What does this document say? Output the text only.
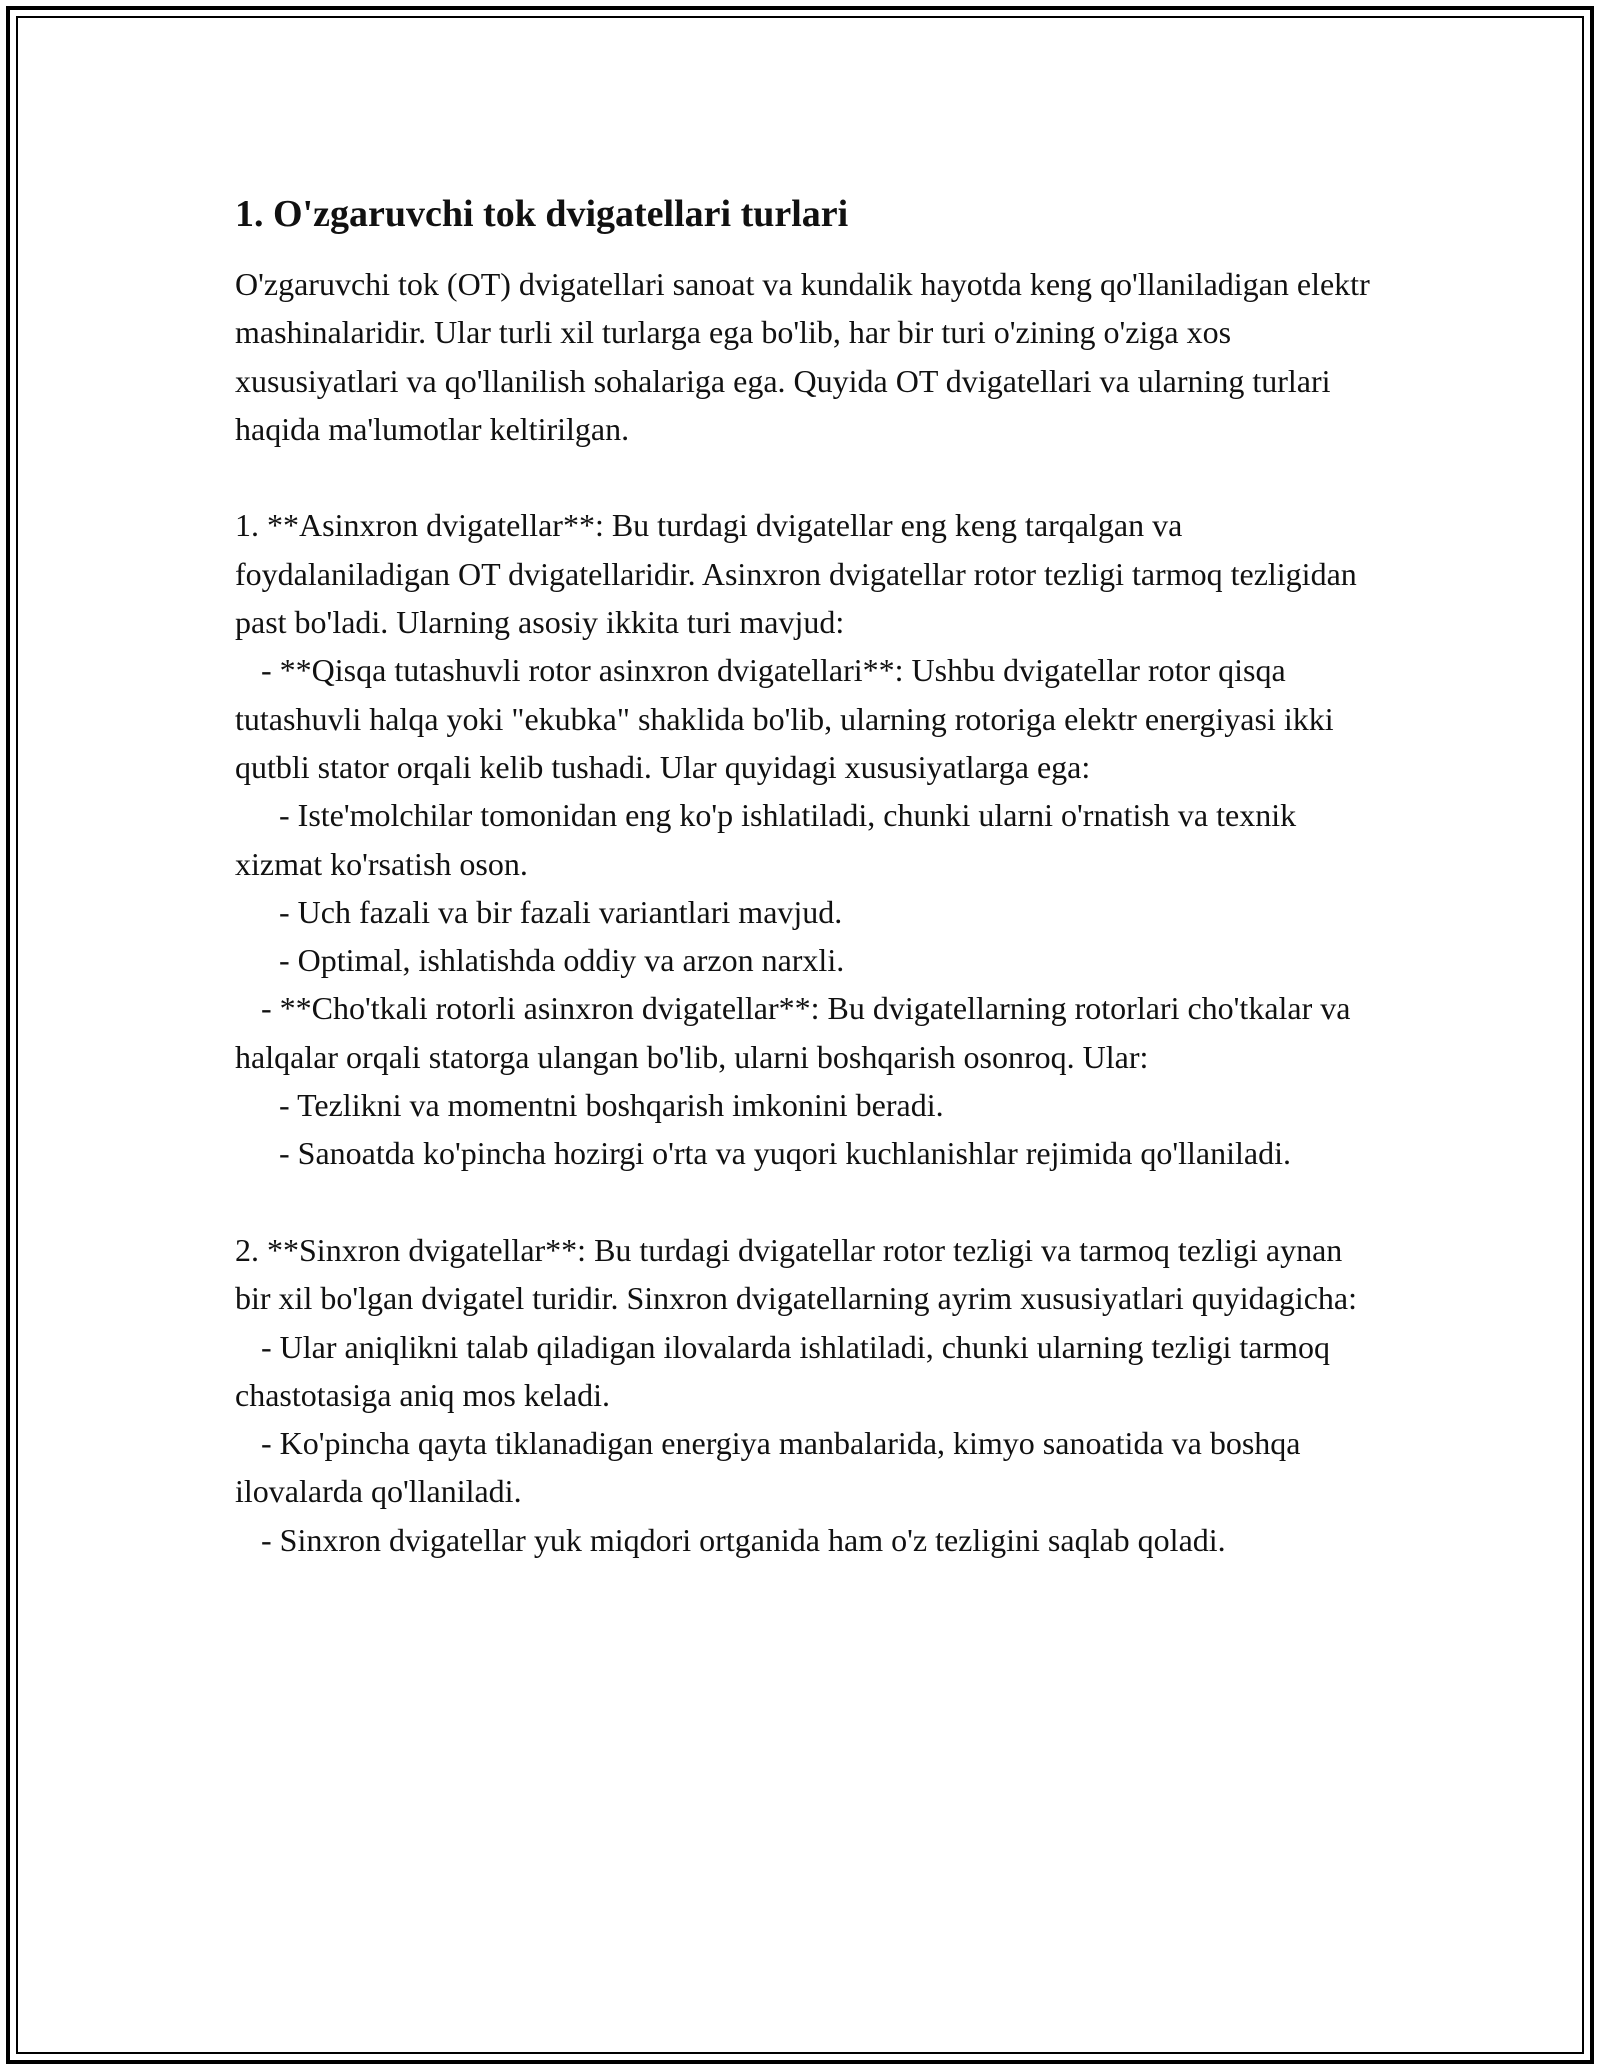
1. O'zgaruvchi tok dvigatellari turlari

O'zgaruvchi tok (OT) dvigatellari sanoat va kundalik hayotda keng qo'llaniladigan elektr mashinalaridir. Ular turli xil turlarga ega bo'lib, har bir turi o'zining o'ziga xos xususiyatlari va qo'llanilish sohalariga ega. Quyida OT dvigatellari va ularning turlari haqida ma'lumotlar keltirilgan.

1. **Asinxron dvigatellar**: Bu turdagi dvigatellar eng keng tarqalgan va foydalaniladigan OT dvigatellaridir. Asinxron dvigatellar rotor tezligi tarmoq tezligidan past bo'ladi. Ularning asosiy ikkita turi mavjud:

- **Qisqa tutashuvli rotor asinxron dvigatellari**: Ushbu dvigatellar rotor qisqa tutashuvli halqa yoki "ekubka" shaklida bo'lib, ularning rotoriga elektr energiyasi ikki qutbli stator orqali kelib tushadi. Ular quyidagi xususiyatlarga ega:

- Iste'molchilar tomonidan eng ko'p ishlatiladi, chunki ularni o'rnatish va texnik xizmat ko'rsatish oson.

- Uch fazali va bir fazali variantlari mavjud.

- Optimal, ishlatishda oddiy va arzon narxli.

- **Cho'tkali rotorli asinxron dvigatellar**: Bu dvigatellarning rotorlari cho'tkalar va halqalar orqali statorga ulangan bo'lib, ularni boshqarish osonroq. Ular:

- Tezlikni va momentni boshqarish imkonini beradi.

- Sanoatda ko'pincha hozirgi o'rta va yuqori kuchlanishlar rejimida qo'llaniladi.

2. **Sinxron dvigatellar**: Bu turdagi dvigatellar rotor tezligi va tarmoq tezligi aynan bir xil bo'lgan dvigatel turidir. Sinxron dvigatellarning ayrim xususiyatlari quyidagicha:

- Ular aniqlikni talab qiladigan ilovalarda ishlatiladi, chunki ularning tezligi tarmoq chastotasiga aniq mos keladi.

- Ko'pincha qayta tiklanadigan energiya manbalarida, kimyo sanoatida va boshqa ilovalarda qo'llaniladi.

- Sinxron dvigatellar yuk miqdori ortganida ham o'z tezligini saqlab qoladi.
